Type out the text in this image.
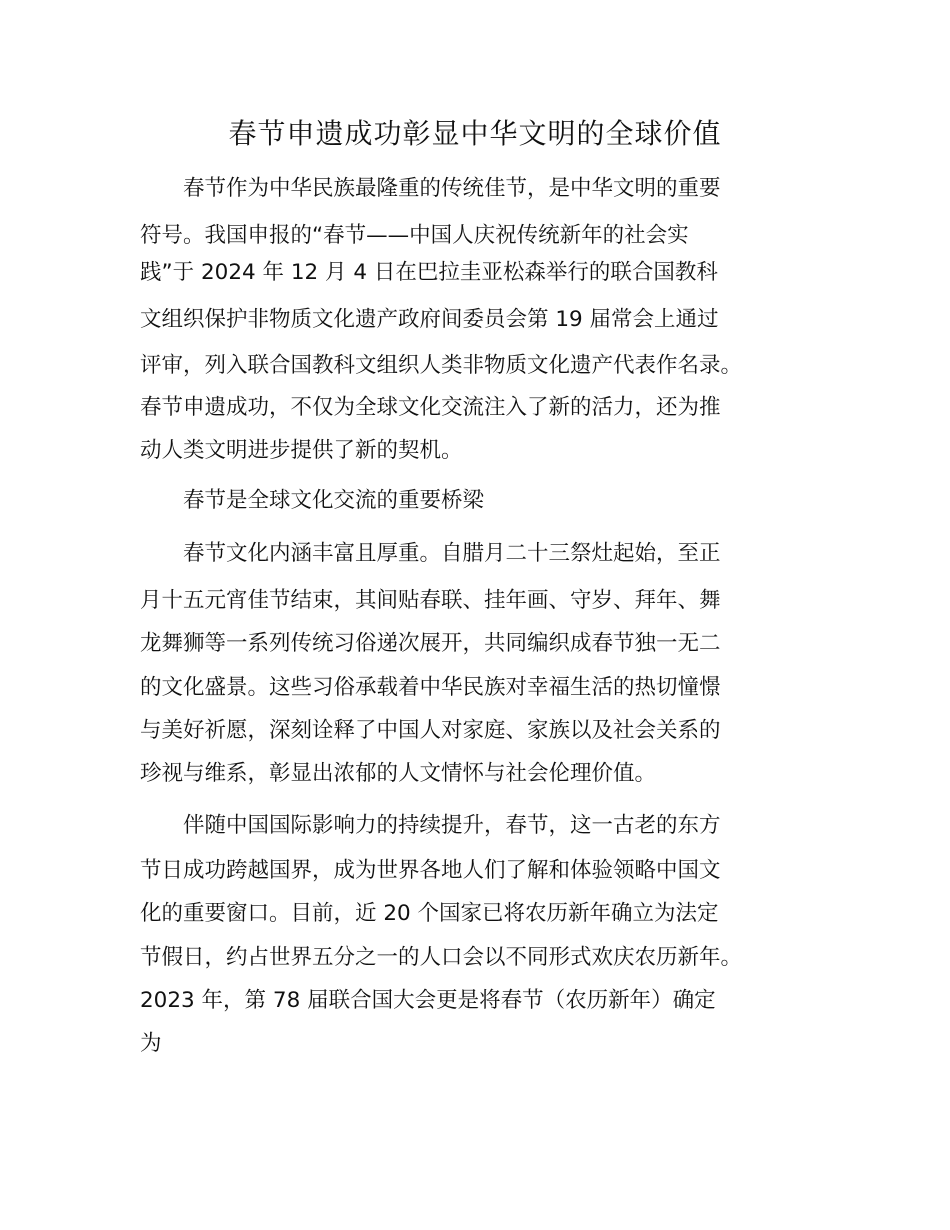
春节申遗成功彰显中华文明的全球价值

　　春节作为中华民族最隆重的传统佳节，是中华文明的重要

符号。我国申报的“春节——中国人庆祝传统新年的社会实

践”于 2024 年 12 月 4 日在巴拉圭亚松森举行的联合国教科

文组织保护非物质文化遗产政府间委员会第 19 届常会上通过

评审，列入联合国教科文组织人类非物质文化遗产代表作名录。

春节申遗成功，不仅为全球文化交流注入了新的活力，还为推

动人类文明进步提供了新的契机。

　　春节是全球文化交流的重要桥梁

　　春节文化内涵丰富且厚重。自腊月二十三祭灶起始，至正

月十五元宵佳节结束，其间贴春联、挂年画、守岁、拜年、舞

龙舞狮等一系列传统习俗递次展开，共同编织成春节独一无二

的文化盛景。这些习俗承载着中华民族对幸福生活的热切憧憬

与美好祈愿，深刻诠释了中国人对家庭、家族以及社会关系的

珍视与维系，彰显出浓郁的人文情怀与社会伦理价值。

　　伴随中国国际影响力的持续提升，春节，这一古老的东方

节日成功跨越国界，成为世界各地人们了解和体验领略中国文

化的重要窗口。目前，近 20 个国家已将农历新年确立为法定

节假日，约占世界五分之一的人口会以不同形式欢庆农历新年。

2023 年，第 78 届联合国大会更是将春节（农历新年）确定

为
